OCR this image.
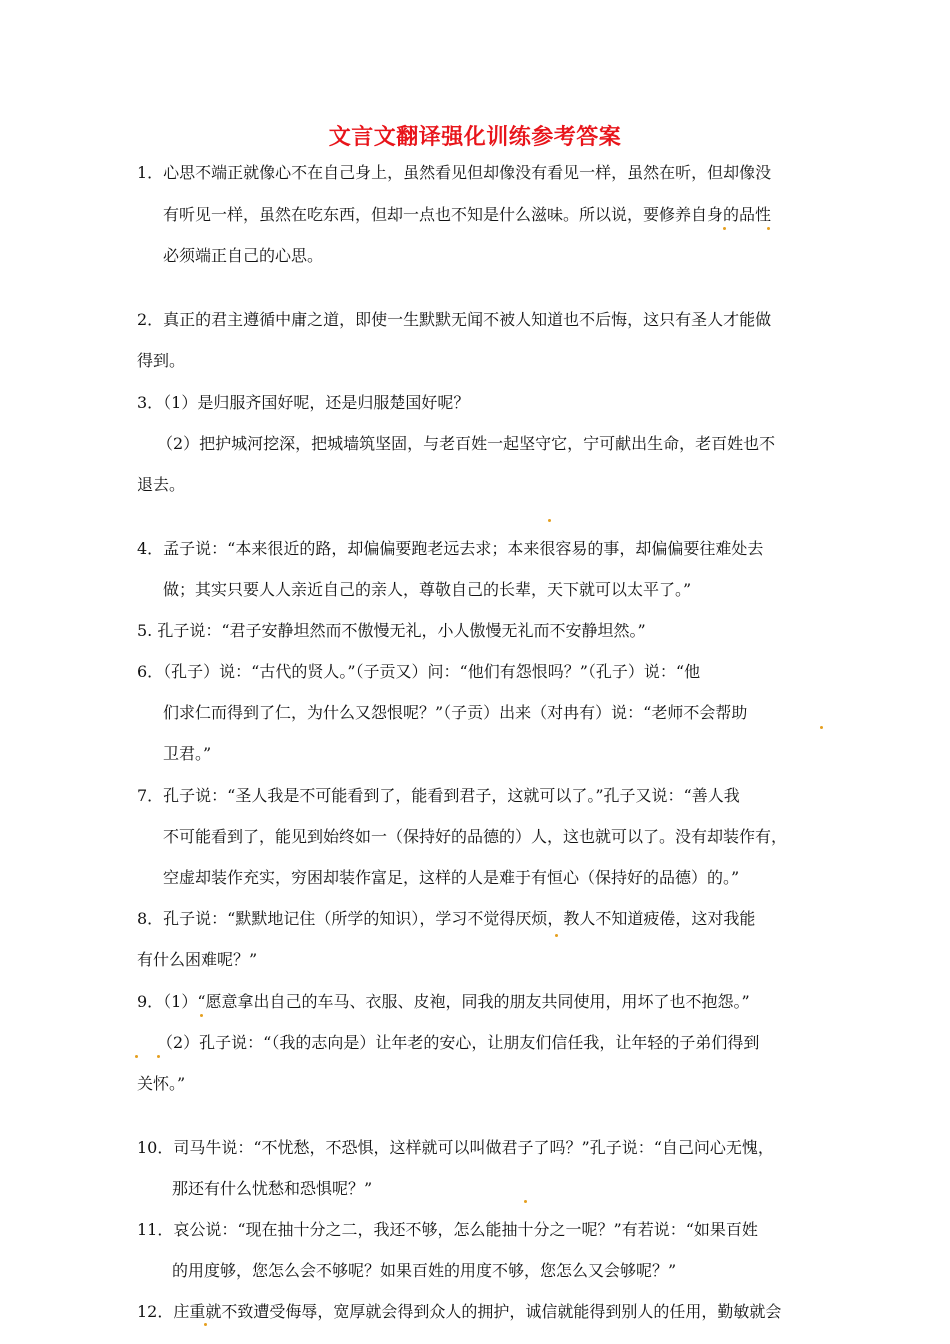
文言文翻译强化训练参考答案
1．心思不端正就像心不在自己身上，虽然看见但却像没有看见一样，虽然在听，但却像没
有听见一样，虽然在吃东西，但却一点也不知是什么滋味。所以说，要修养自身的品性
必须端正自己的心思。
2．真正的君主遵循中庸之道，即使一生默默无闻不被人知道也不后悔，这只有圣人才能做
得到。
3．（1）是归服齐国好呢，还是归服楚国好呢？
（2）把护城河挖深，把城墙筑坚固，与老百姓一起坚守它，宁可献出生命，老百姓也不
退去。
4．孟子说：“本来很近的路，却偏偏要跑老远去求；本来很容易的事，却偏偏要往难处去
做；其实只要人人亲近自己的亲人，尊敬自己的长辈，天下就可以太平了。”
5. 孔子说：“君子安静坦然而不傲慢无礼，小人傲慢无礼而不安静坦然。”
6．（孔子）说：“古代的贤人。”（子贡又）问：“他们有怨恨吗？”（孔子）说：“他
们求仁而得到了仁，为什么又怨恨呢？”（子贡）出来（对冉有）说：“老师不会帮助
卫君。”
7．孔子说：“圣人我是不可能看到了，能看到君子，这就可以了。”孔子又说：“善人我
不可能看到了，能见到始终如一（保持好的品德的）人，这也就可以了。没有却装作有，
空虚却装作充实，穷困却装作富足，这样的人是难于有恒心（保持好的品德）的。”
8．孔子说：“默默地记住（所学的知识），学习不觉得厌烦，教人不知道疲倦，这对我能
有什么困难呢？”
9．（1）“愿意拿出自己的车马、衣服、皮袍，同我的朋友共同使用，用坏了也不抱怨。”
（2）孔子说：“（我的志向是）让年老的安心，让朋友们信任我，让年轻的子弟们得到
关怀。”
10．司马牛说：“不忧愁，不恐惧，这样就可以叫做君子了吗？”孔子说：“自己问心无愧，
那还有什么忧愁和恐惧呢？”
11．哀公说：“现在抽十分之二，我还不够，怎么能抽十分之一呢？”有若说：“如果百姓
的用度够，您怎么会不够呢？如果百姓的用度不够，您怎么又会够呢？”
12．庄重就不致遭受侮辱，宽厚就会得到众人的拥护，诚信就能得到别人的任用，勤敏就会
